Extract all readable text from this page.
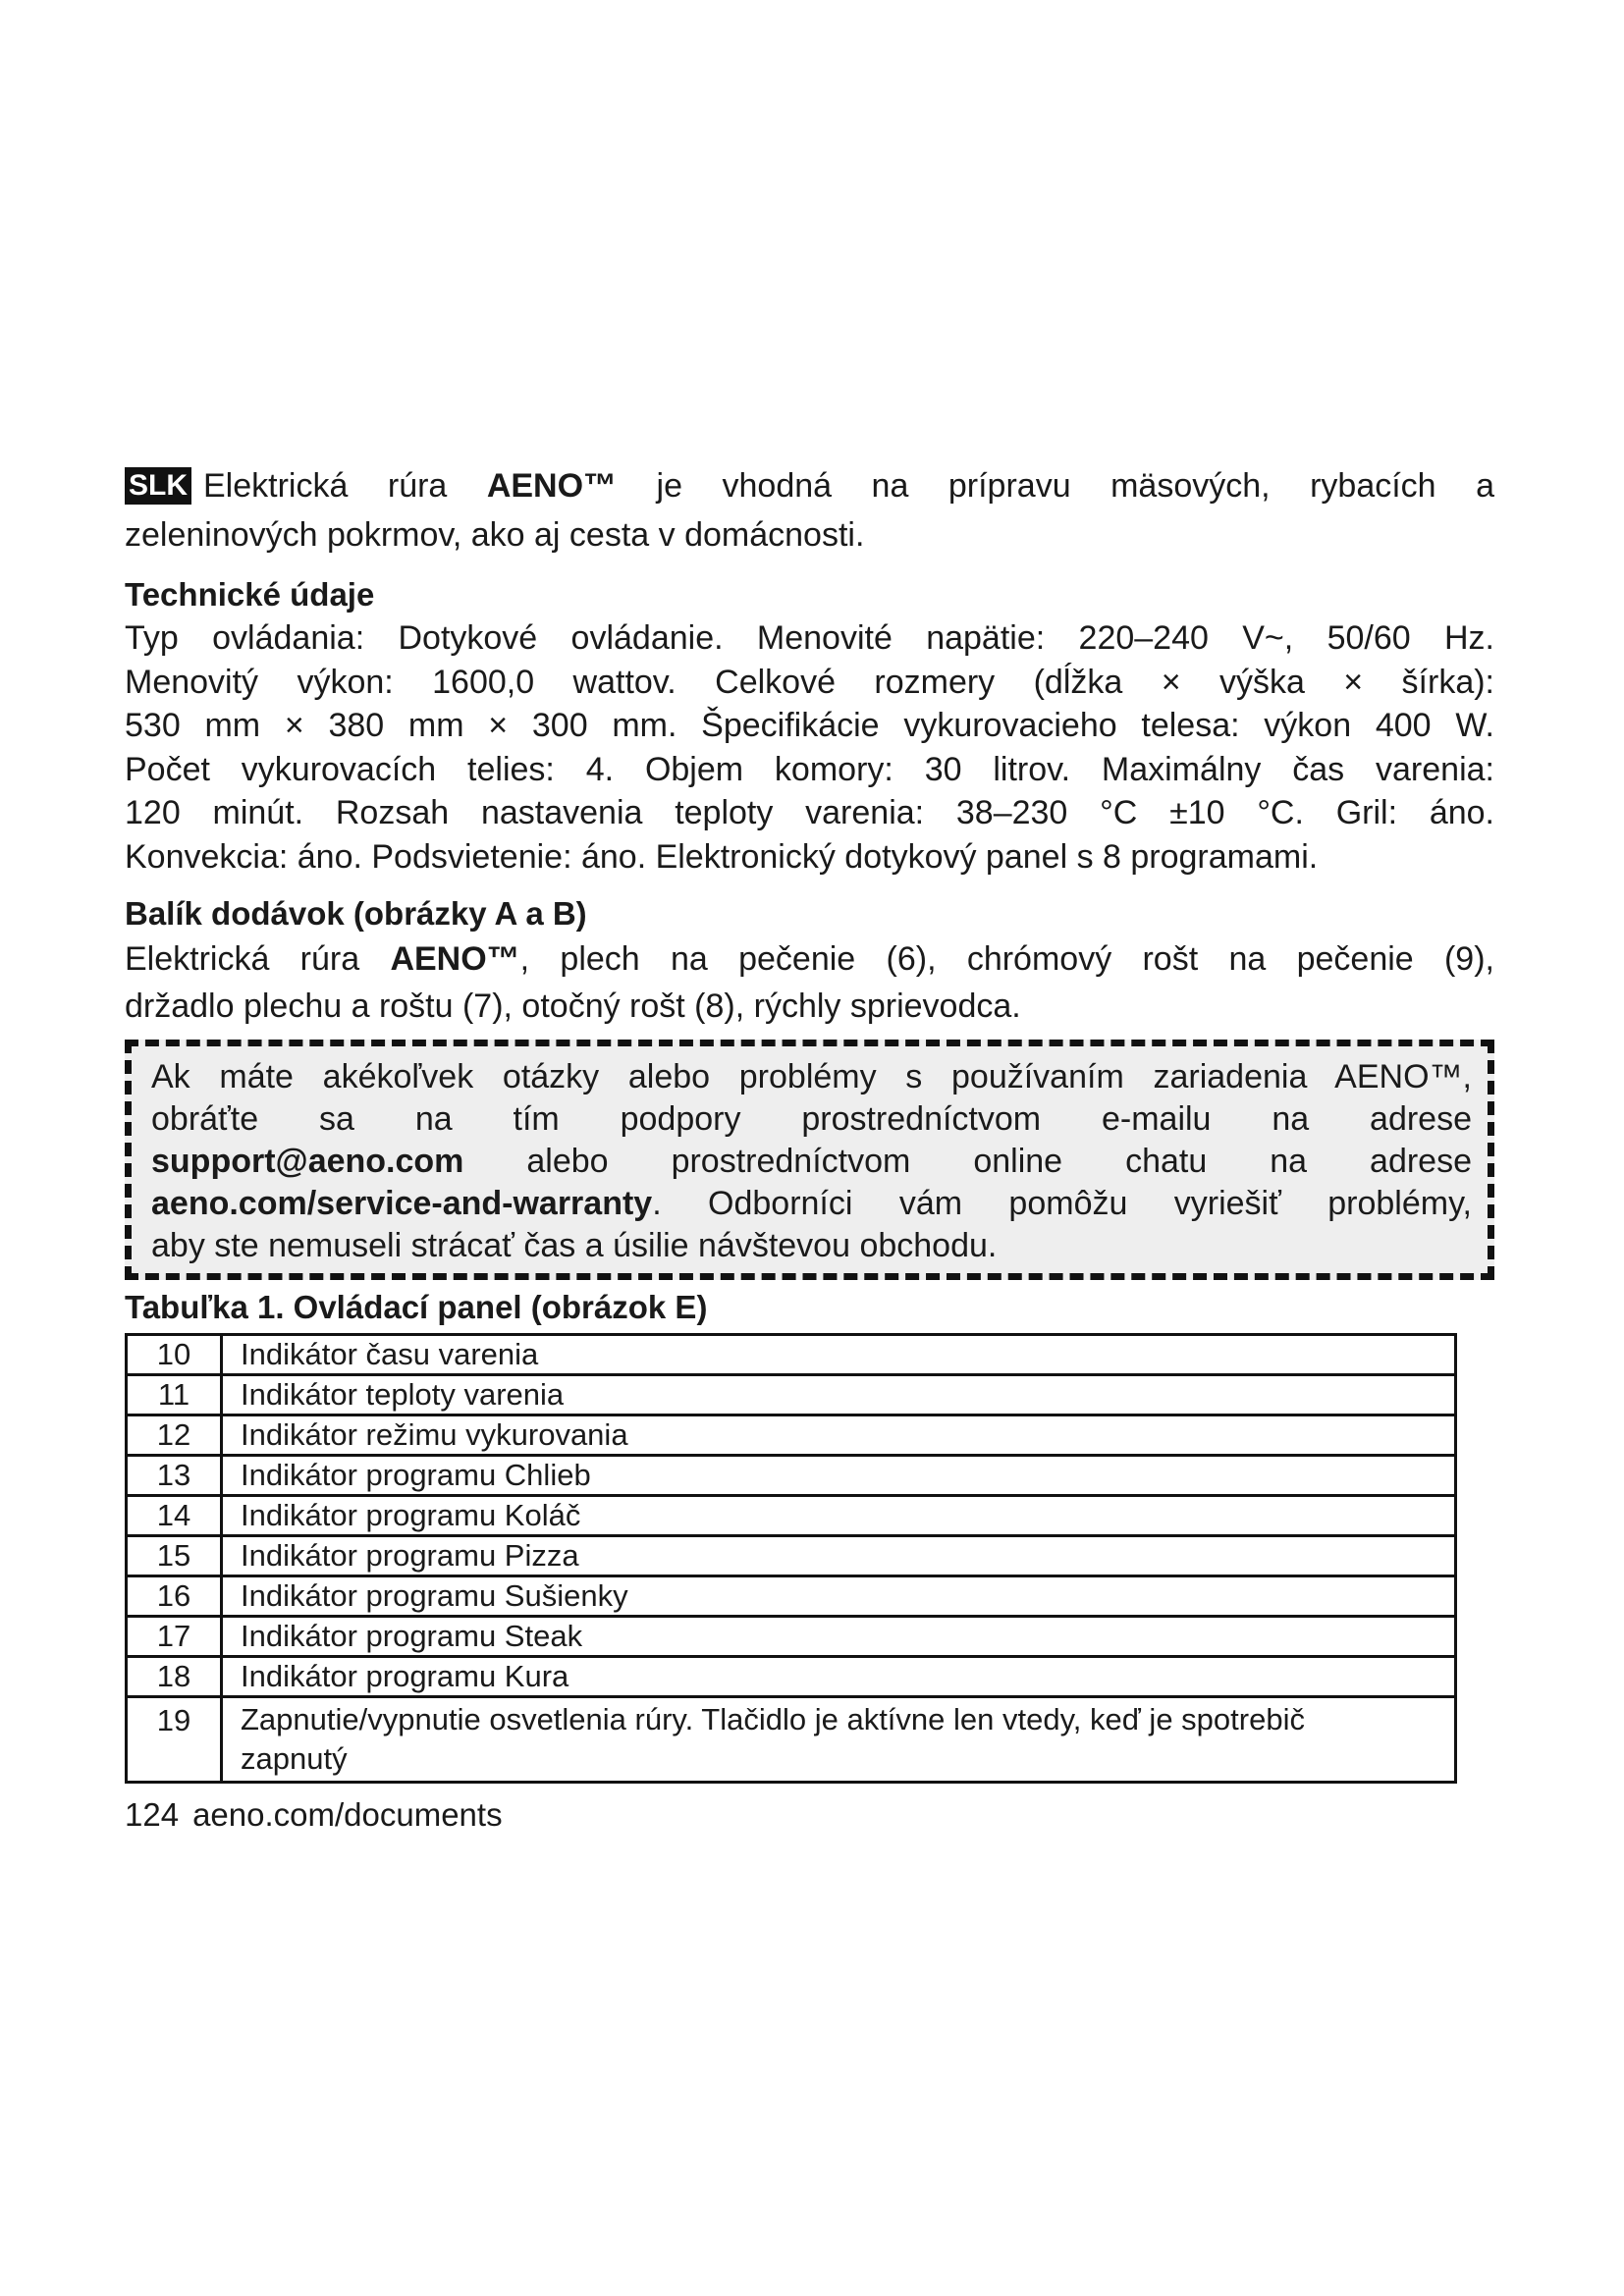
SLK Elektrická rúra AENO™ je vhodná na prípravu mäsových, rybacích a
zeleninových pokrmov, ako aj cesta v domácnosti.

Technické údaje

Typ ovládania: Dotykové ovládanie. Menovité napätie: 220–240 V~, 50/60 Hz.
Menovitý výkon: 1600,0 wattov. Celkové rozmery (dĺžka × výška × šírka):
530 mm × 380 mm × 300 mm. Špecifikácie vykurovacieho telesa: výkon 400 W.
Počet vykurovacích telies: 4. Objem komory: 30 litrov. Maximálny čas varenia:
120 minút. Rozsah nastavenia teploty varenia: 38–230 °C ±10 °C. Gril: áno.
Konvekcia: áno. Podsvietenie: áno. Elektronický dotykový panel s 8 programami.

Balík dodávok (obrázky A a B)

Elektrická rúra AENO™, plech na pečenie (6), chrómový rošt na pečenie (9),
držadlo plechu a roštu (7), otočný rošt (8), rýchly sprievodca.

Ak máte akékoľvek otázky alebo problémy s používaním zariadenia AENO™,
obráťte sa na tím podpory prostredníctvom e-mailu na adrese
support@aeno.com alebo prostredníctvom online chatu na adrese
aeno.com/service-and-warranty. Odborníci vám pomôžu vyriešiť problémy,
aby ste nemuseli strácať čas a úsilie návštevou obchodu.
Tabuľka 1. Ovládací panel (obrázok E)
10	Indikátor času varenia
11	Indikátor teploty varenia
12	Indikátor režimu vykurovania
13	Indikátor programu Chlieb
14	Indikátor programu Koláč
15	Indikátor programu Pizza
16	Indikátor programu Sušienky
17	Indikátor programu Steak
18	Indikátor programu Kura
19	Zapnutie/vypnutie osvetlenia rúry. Tlačidlo je aktívne len vtedy, keď je spotrebič
zapnutý
124 aeno.com/documents
